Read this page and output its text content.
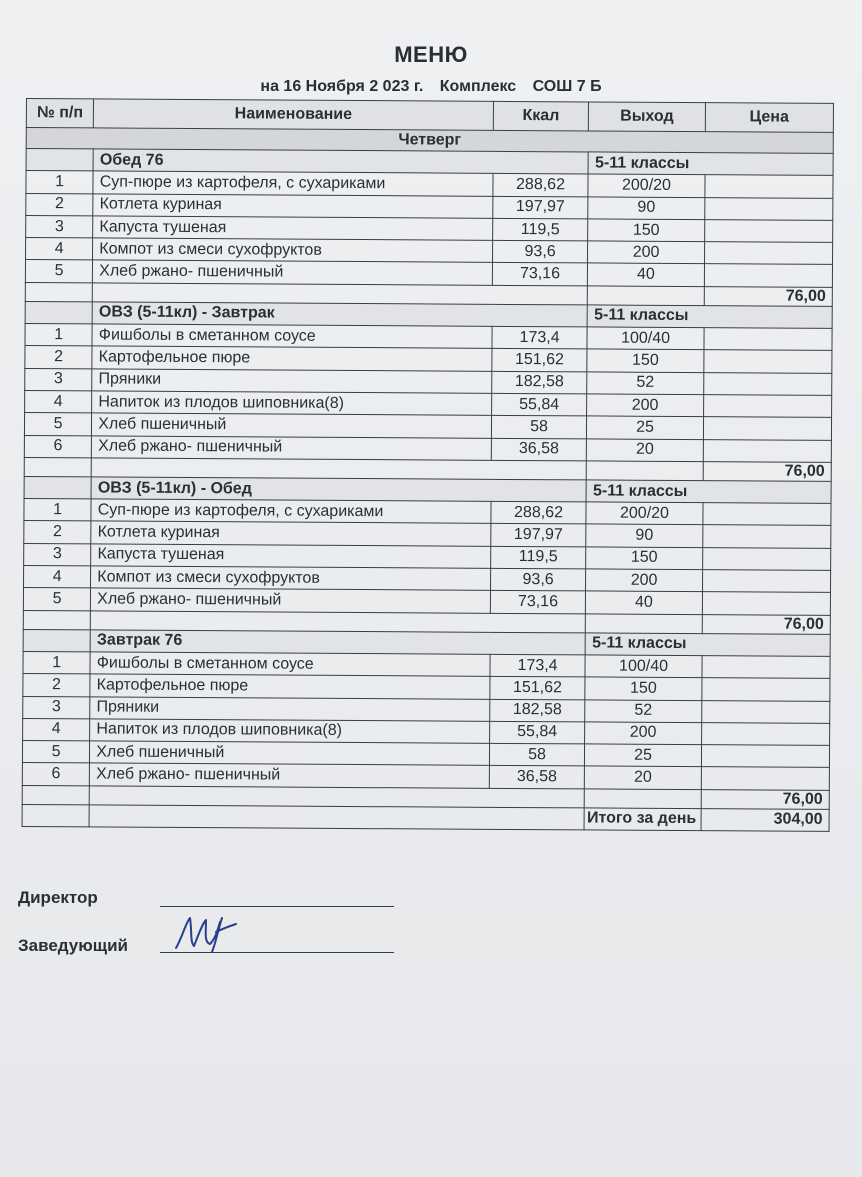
МЕНЮ
на 16 Ноября 2 023 г. Комплекс СОШ 7 Б
№ п/п	Наименование	Ккал	Выход	Цена
Четверг				
	Обед 76		5-11 классы	
1	Суп-пюре из картофеля, с сухариками	288,62	200/20	
2	Котлета куриная	197,97	90	
3	Капуста тушеная	119,5	150	
4	Компот из смеси сухофруктов	93,6	200	
5	Хлеб ржано- пшеничный	73,16	40	
				76,00
	ОВЗ (5-11кл) - Завтрак		5-11 классы	
1	Фишболы в сметанном соусе	173,4	100/40	
2	Картофельное пюре	151,62	150	
3	Пряники	182,58	52	
4	Напиток из плодов шиповника(8)	55,84	200	
5	Хлеб пшеничный	58	25	
6	Хлеб ржано- пшеничный	36,58	20	
				76,00
	ОВЗ (5-11кл) - Обед		5-11 классы	
1	Суп-пюре из картофеля, с сухариками	288,62	200/20	
2	Котлета куриная	197,97	90	
3	Капуста тушеная	119,5	150	
4	Компот из смеси сухофруктов	93,6	200	
5	Хлеб ржано- пшеничный	73,16	40	
				76,00
	Завтрак 76		5-11 классы	
1	Фишболы в сметанном соусе	173,4	100/40	
2	Картофельное пюре	151,62	150	
3	Пряники	182,58	52	
4	Напиток из плодов шиповника(8)	55,84	200	
5	Хлеб пшеничный	58	25	
6	Хлеб ржано- пшеничный	36,58	20	
				76,00
			Итого за день	304,00
Директор
Заведующий
